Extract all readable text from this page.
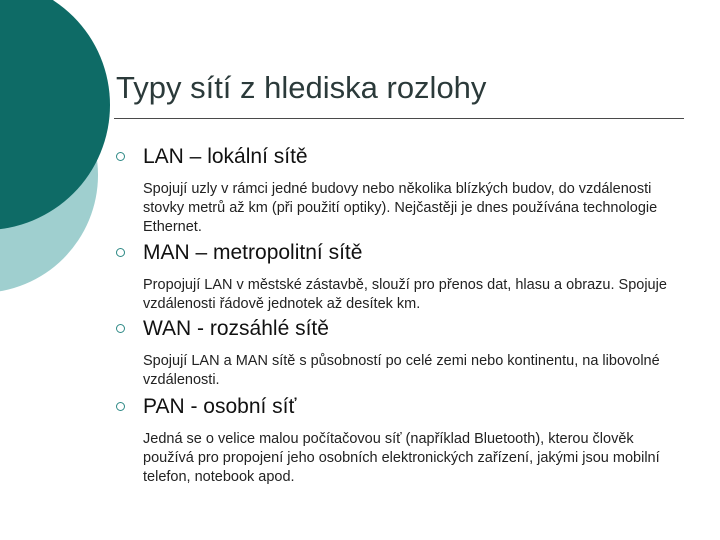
Typy sítí z hlediska rozlohy
LAN – lokální sítě
Spojují uzly v rámci jedné budovy nebo několika blízkých budov, do vzdálenosti stovky metrů až km (při použití optiky). Nejčastěji je dnes používána technologie Ethernet.
MAN – metropolitní sítě
Propojují LAN v městské zástavbě, slouží pro přenos dat, hlasu a obrazu. Spojuje vzdálenosti řádově jednotek až desítek km.
WAN - rozsáhlé sítě
Spojují LAN a MAN sítě s působností po celé zemi nebo kontinentu, na libovolné vzdálenosti.
PAN - osobní síť
Jedná se o velice malou počítačovou síť (například Bluetooth), kterou člověk používá pro propojení jeho osobních elektronických zařízení, jakými jsou mobilní telefon, notebook apod.
